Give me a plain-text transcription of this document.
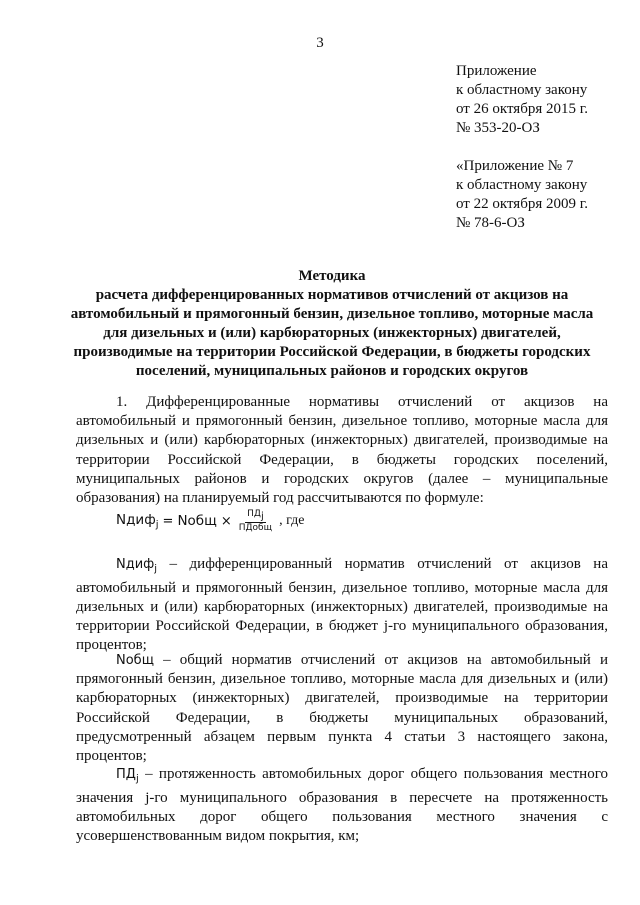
3
Приложение
к областному закону
от 26 октября 2015 г.
№ 353-20-ОЗ
«Приложение № 7
к областному закону
от 22 октября 2009 г.
№ 78-6-ОЗ
Методика
расчета дифференцированных нормативов отчислений от акцизов на
автомобильный и прямогонный бензин, дизельное топливо, моторные масла
для дизельных и (или) карбюраторных (инжекторных) двигателей,
производимые на территории Российской Федерации, в бюджеты городских
поселений, муниципальных районов и городских округов
1. Дифференцированные нормативы отчислений от акцизов на автомобильный и прямогонный бензин, дизельное топливо, моторные масла для дизельных и (или) карбюраторных (инжекторных) двигателей, производимые на территории Российской Федерации, в бюджеты городских поселений, муниципальных районов и городских округов (далее – муниципальные образования) на планируемый год рассчитываются по формуле:
Nдиф$_j$ = Nобщ × $\frac{ПД_j}{\text{ПДобщ}}$ , где
Nдиф$_j$ – дифференцированный норматив отчислений от акцизов на автомобильный и прямогонный бензин, дизельное топливо, моторные масла для дизельных и (или) карбюраторных (инжекторных) двигателей, производимые на территории Российской Федерации, в бюджет j-го муниципального образования, процентов;
Nобщ – общий норматив отчислений от акцизов на автомобильный и прямогонный бензин, дизельное топливо, моторные масла для дизельных и (или) карбюраторных (инжекторных) двигателей, производимые на территории Российской Федерации, в бюджеты муниципальных образований, предусмотренный абзацем первым пункта 4 статьи 3 настоящего закона, процентов;
$ПД_j$ – протяженность автомобильных дорог общего пользования местного значения j-го муниципального образования в пересчете на протяженность автомобильных дорог общего пользования местного значения с усовершенствованным видом покрытия, км;
